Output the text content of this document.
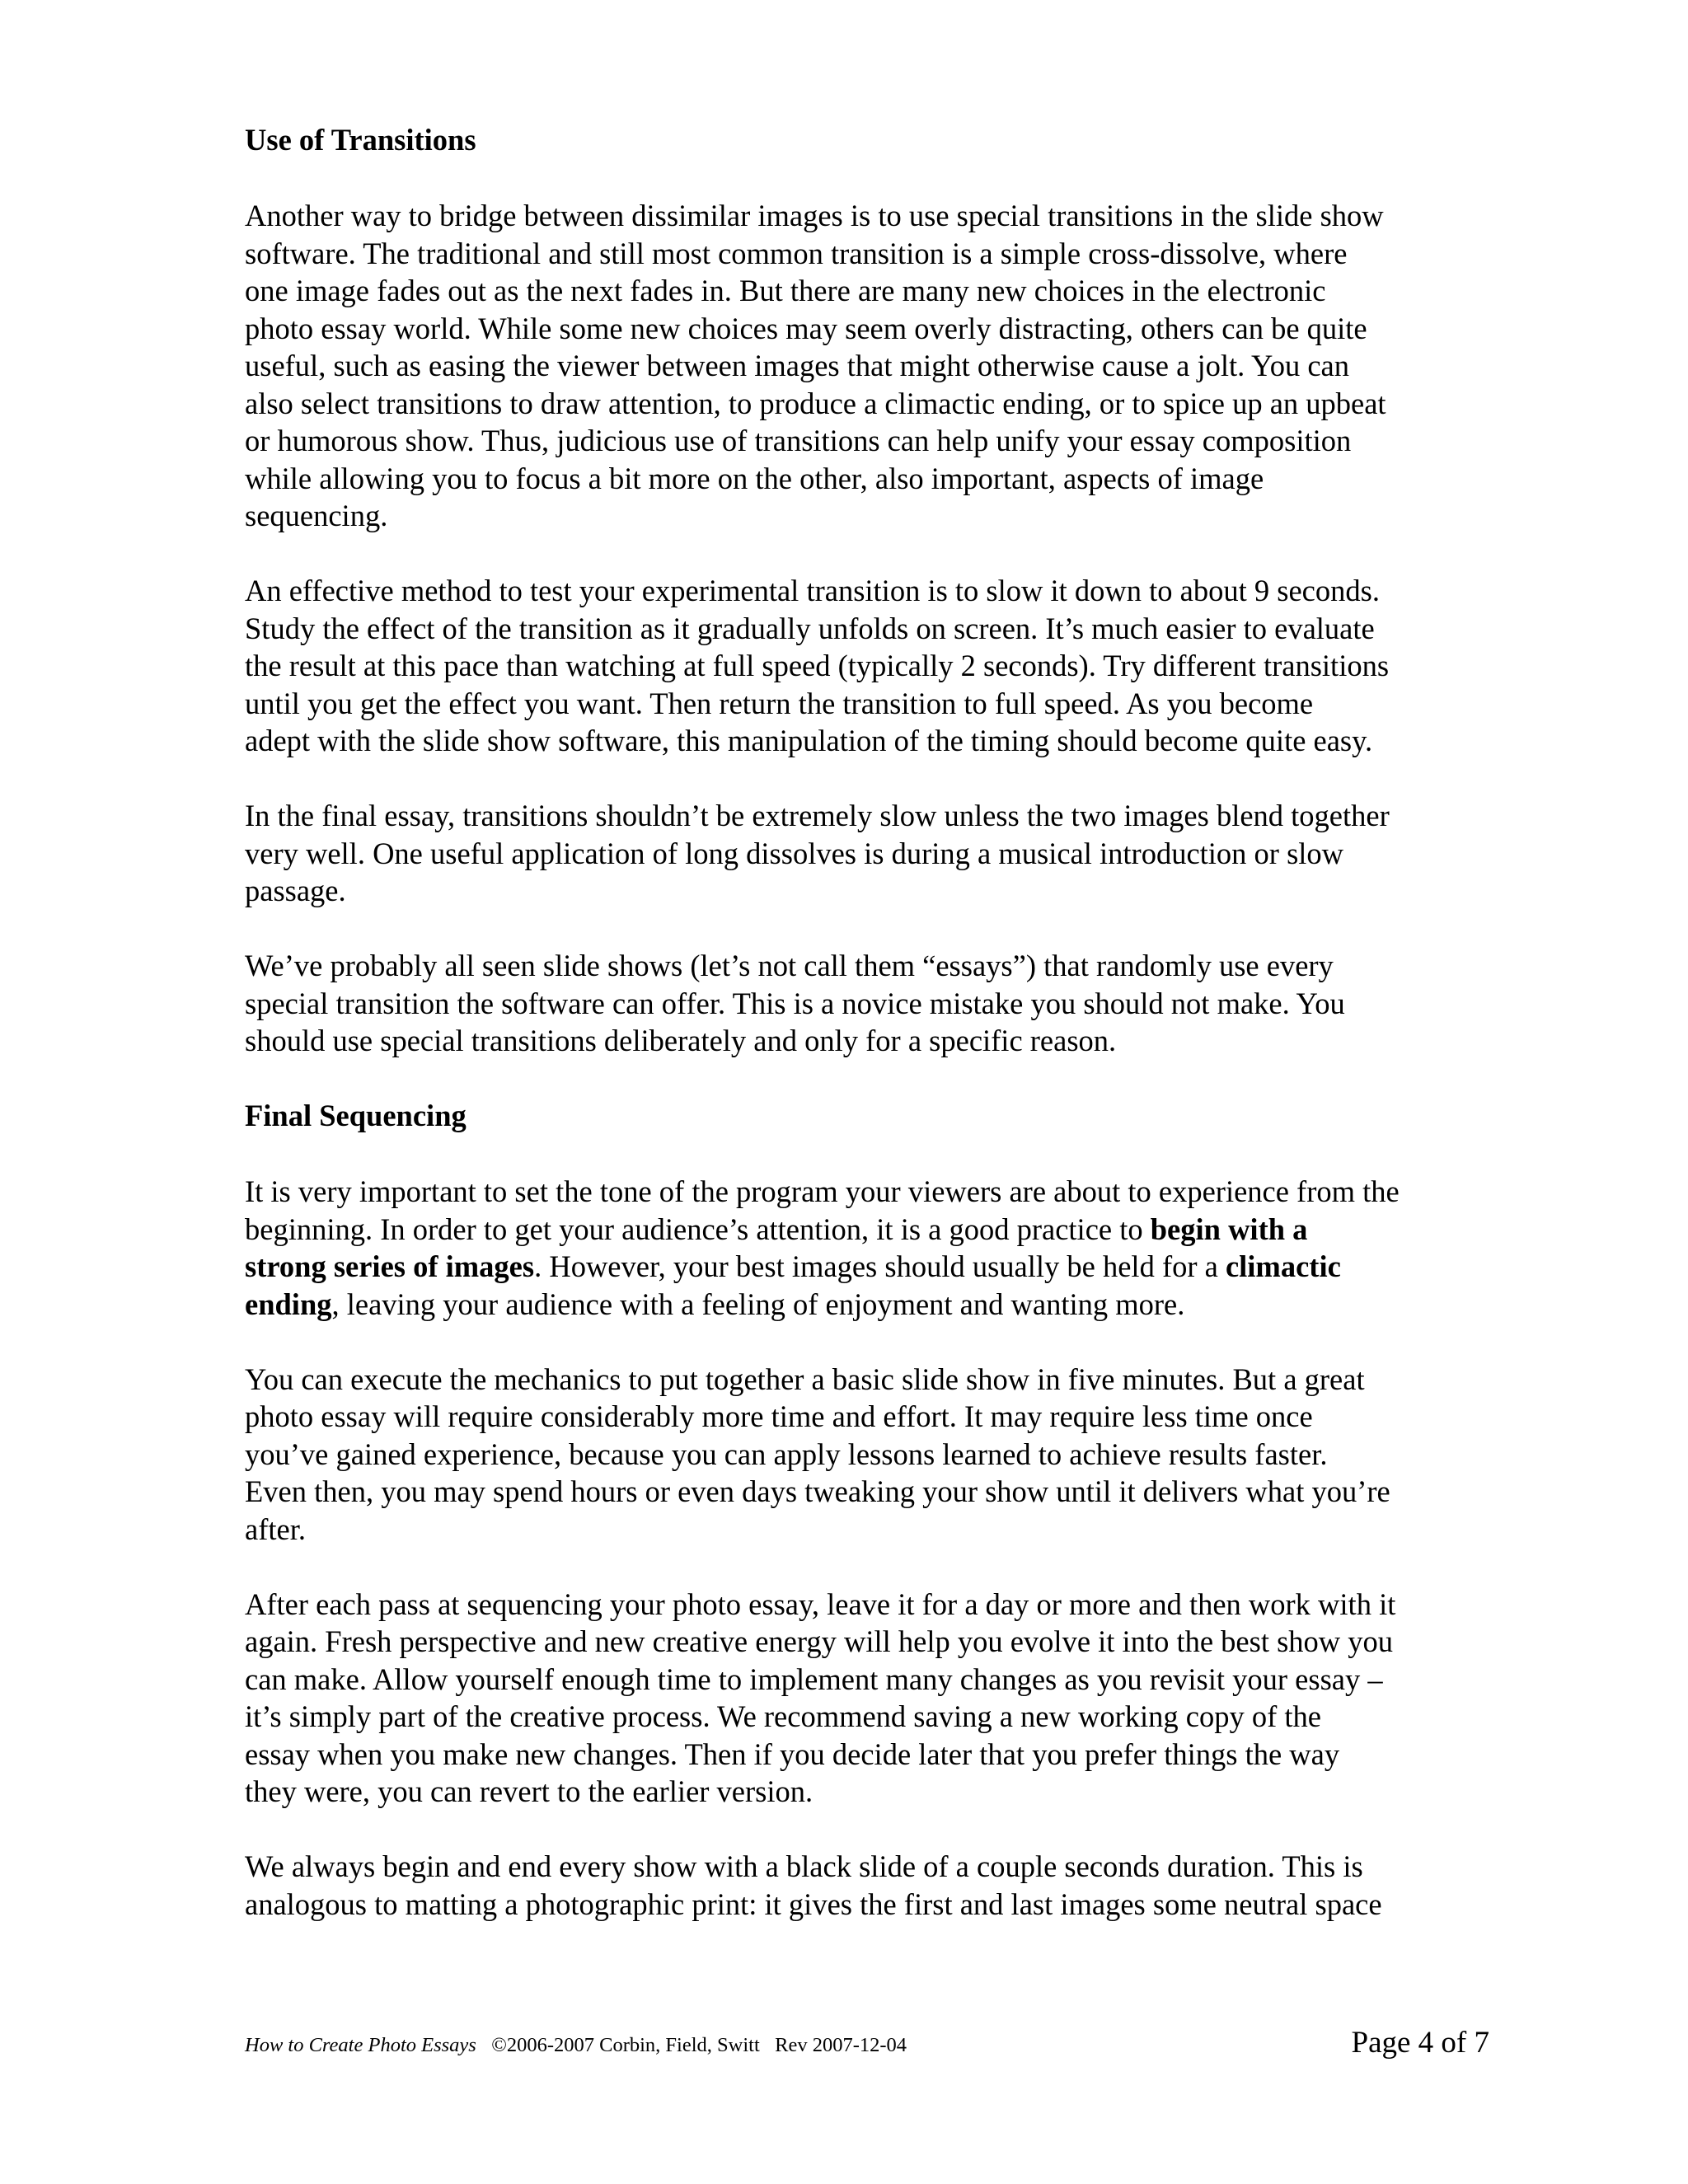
Use of Transitions
Another way to bridge between dissimilar images is to use special transitions in the slide show
software. The traditional and still most common transition is a simple cross-dissolve, where
one image fades out as the next fades in. But there are many new choices in the electronic
photo essay world. While some new choices may seem overly distracting, others can be quite
useful, such as easing the viewer between images that might otherwise cause a jolt. You can
also select transitions to draw attention, to produce a climactic ending, or to spice up an upbeat
or humorous show. Thus, judicious use of transitions can help unify your essay composition
while allowing you to focus a bit more on the other, also important, aspects of image
sequencing.
An effective method to test your experimental transition is to slow it down to about 9 seconds.
Study the effect of the transition as it gradually unfolds on screen. It’s much easier to evaluate
the result at this pace than watching at full speed (typically 2 seconds). Try different transitions
until you get the effect you want. Then return the transition to full speed. As you become
adept with the slide show software, this manipulation of the timing should become quite easy.
In the final essay, transitions shouldn’t be extremely slow unless the two images blend together
very well. One useful application of long dissolves is during a musical introduction or slow
passage.
We’ve probably all seen slide shows (let’s not call them “essays”) that randomly use every
special transition the software can offer. This is a novice mistake you should not make. You
should use special transitions deliberately and only for a specific reason.
Final Sequencing
It is very important to set the tone of the program your viewers are about to experience from the
beginning. In order to get your audience’s attention, it is a good practice to begin with a
strong series of images. However, your best images should usually be held for a climactic
ending, leaving your audience with a feeling of enjoyment and wanting more.
You can execute the mechanics to put together a basic slide show in five minutes. But a great
photo essay will require considerably more time and effort. It may require less time once
you’ve gained experience, because you can apply lessons learned to achieve results faster.
Even then, you may spend hours or even days tweaking your show until it delivers what you’re
after.
After each pass at sequencing your photo essay, leave it for a day or more and then work with it
again. Fresh perspective and new creative energy will help you evolve it into the best show you
can make. Allow yourself enough time to implement many changes as you revisit your essay –
it’s simply part of the creative process. We recommend saving a new working copy of the
essay when you make new changes. Then if you decide later that you prefer things the way
they were, you can revert to the earlier version.
We always begin and end every show with a black slide of a couple seconds duration. This is
analogous to matting a photographic print: it gives the first and last images some neutral space
How to Create Photo Essays   ©2006-2007 Corbin, Field, Switt   Rev 2007-12-04	Page 4 of 7
